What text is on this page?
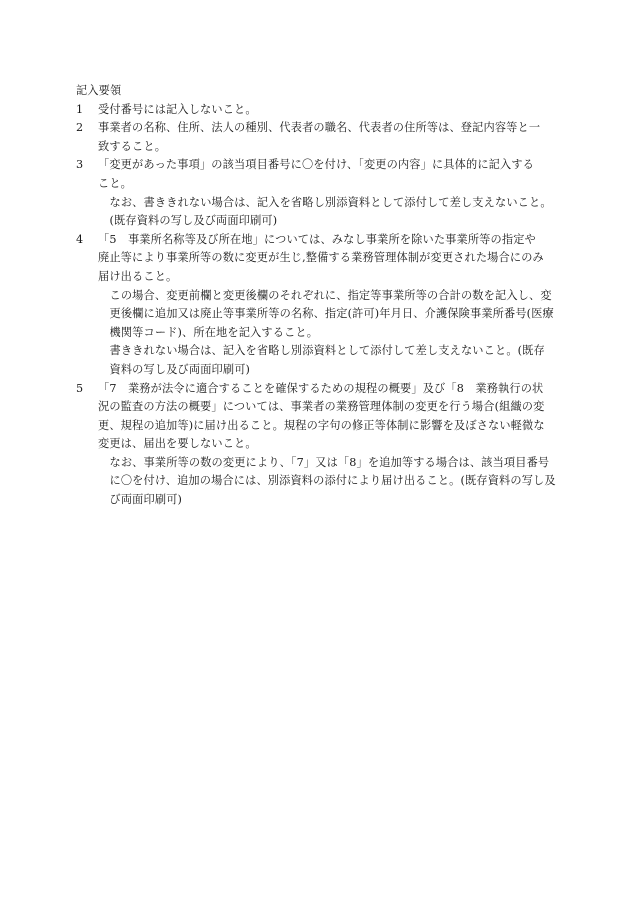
記入要領

1	受付番号には記入しないこと。

2	事業者の名称、住所、法人の種別、代表者の職名、代表者の住所等は、登記内容等と一
致すること。

3	「変更があった事項」の該当項目番号に〇を付け、「変更の内容」に具体的に記入する
こと。

なお、書ききれない場合は、記入を省略し別添資料として添付して差し支えないこと。
(既存資料の写し及び両面印刷可)

4	「5　事業所名称等及び所在地」については、みなし事業所を除いた事業所等の指定や
廃止等により事業所等の数に変更が生じ,整備する業務管理体制が変更された場合にのみ
届け出ること。

この場合、変更前欄と変更後欄のそれぞれに、指定等事業所等の合計の数を記入し、変
更後欄に追加又は廃止等事業所等の名称、指定(許可)年月日、介護保険事業所番号(医療
機関等コード)、所在地を記入すること。

書ききれない場合は、記入を省略し別添資料として添付して差し支えないこと。(既存
資料の写し及び両面印刷可)

5	「7　業務が法令に適合することを確保するための規程の概要」及び「8　業務執行の状
況の監査の方法の概要」については、事業者の業務管理体制の変更を行う場合(組織の変
更、規程の追加等)に届け出ること。規程の字句の修正等体制に影響を及ぼさない軽微な
変更は、届出を要しないこと。

なお、事業所等の数の変更により、「7」又は「8」を追加等する場合は、該当項目番号
に〇を付け、追加の場合には、別添資料の添付により届け出ること。(既存資料の写し及
び両面印刷可)
